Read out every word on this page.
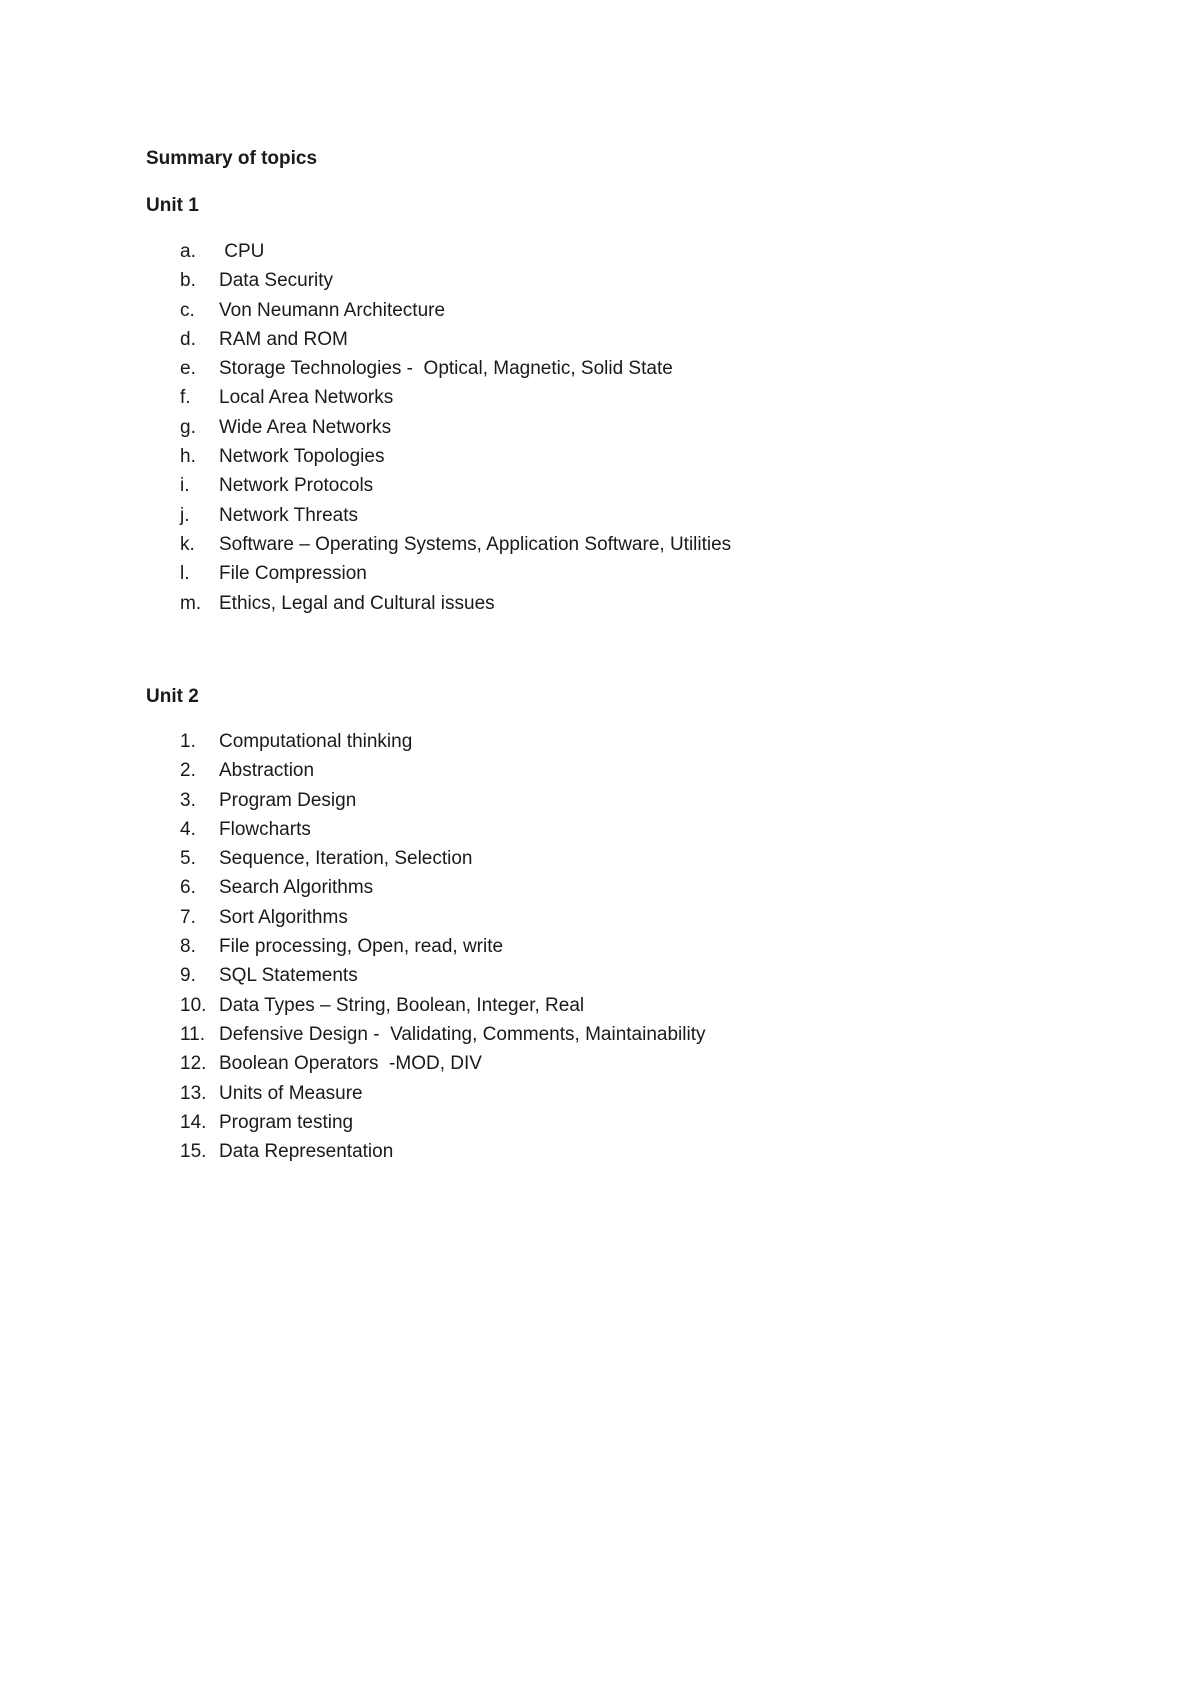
Summary of topics
Unit 1
a.	CPU
b.	Data Security
c.	Von Neumann Architecture
d.	RAM and ROM
e.	Storage Technologies -  Optical, Magnetic, Solid State
f.	Local Area Networks
g.	Wide Area Networks
h.	Network Topologies
i.	Network Protocols
j.	Network Threats
k.	Software – Operating Systems, Application Software, Utilities
l.	File Compression
m. Ethics, Legal and Cultural issues
Unit 2
1.	Computational thinking
2.	Abstraction
3.	Program Design
4.	Flowcharts
5.	Sequence, Iteration, Selection
6.	Search Algorithms
7.	Sort Algorithms
8.	File processing, Open, read, write
9.	SQL Statements
10. Data Types – String, Boolean, Integer, Real
11. Defensive Design -  Validating, Comments, Maintainability
12. Boolean Operators  -MOD, DIV
13. Units of Measure
14. Program testing
15. Data Representation
